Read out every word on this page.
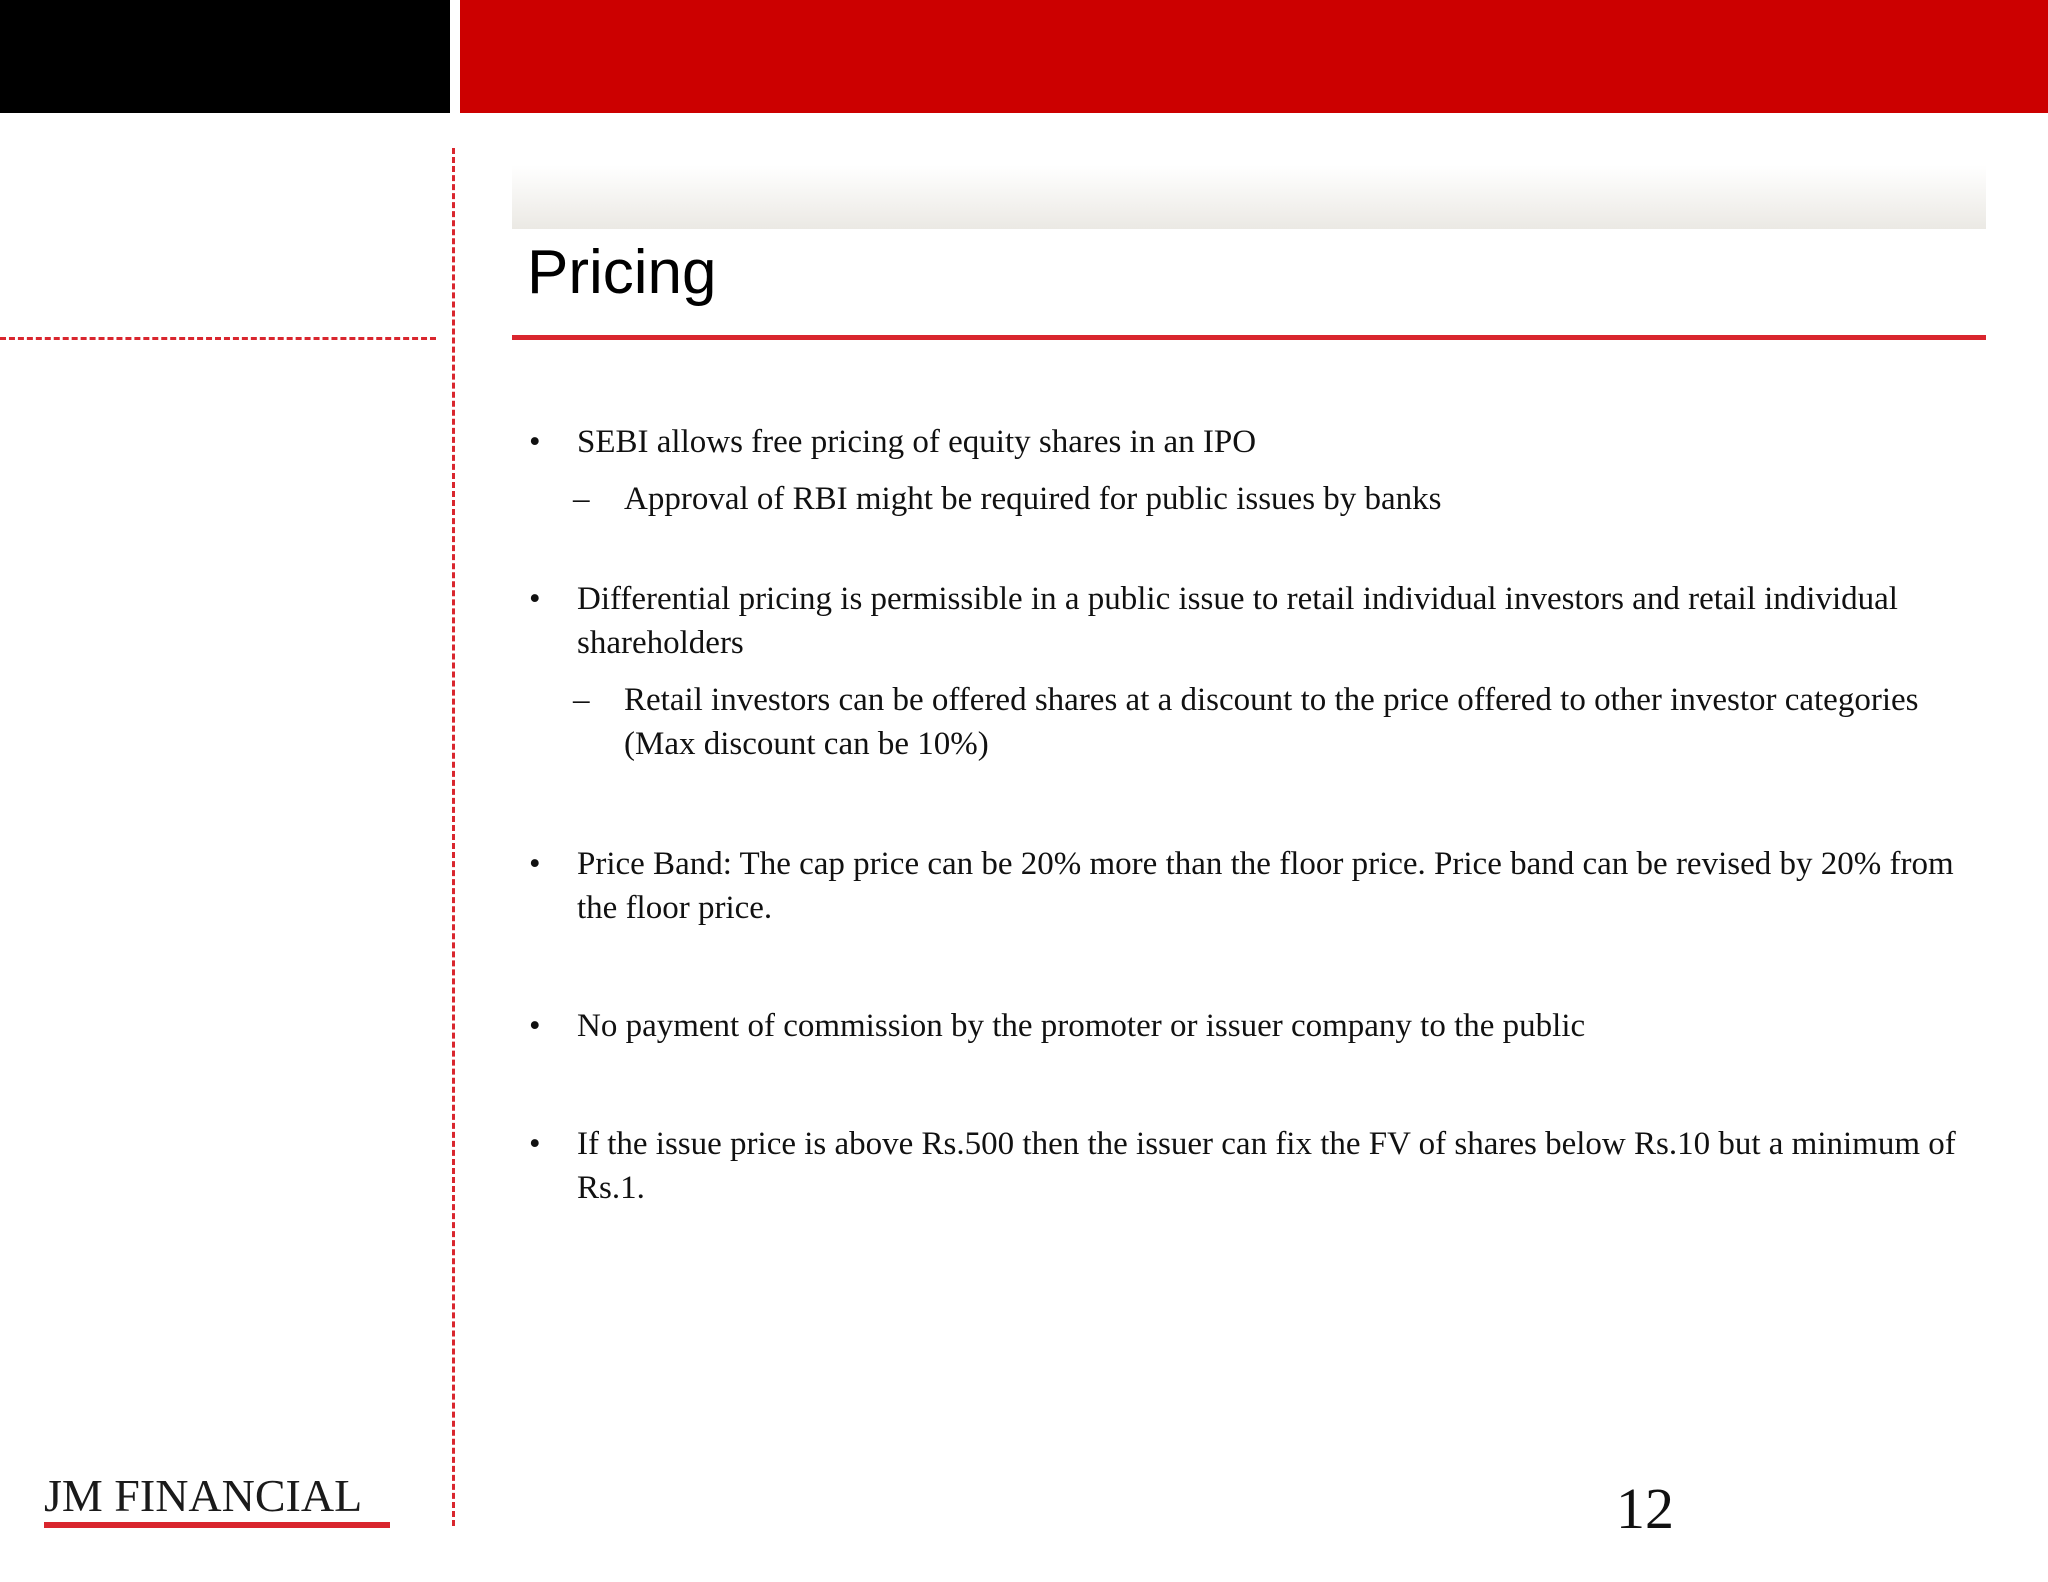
Pricing
• SEBI allows free pricing of equity shares in an IPO
– Approval of RBI might be required for public issues by banks
• Differential pricing is permissible in a public issue to retail individual investors and retail individual shareholders
– Retail investors can be offered shares at a discount to the price offered to other investor categories (Max discount can be 10%)
• Price Band: The cap price can be 20% more than the floor price. Price band can be revised by 20% from the floor price.
• No payment of commission by the promoter or issuer company to the public
• If the issue price is above Rs.500 then the issuer can fix the FV of shares below Rs.10 but a minimum of Rs.1.
JM FINANCIAL	12
